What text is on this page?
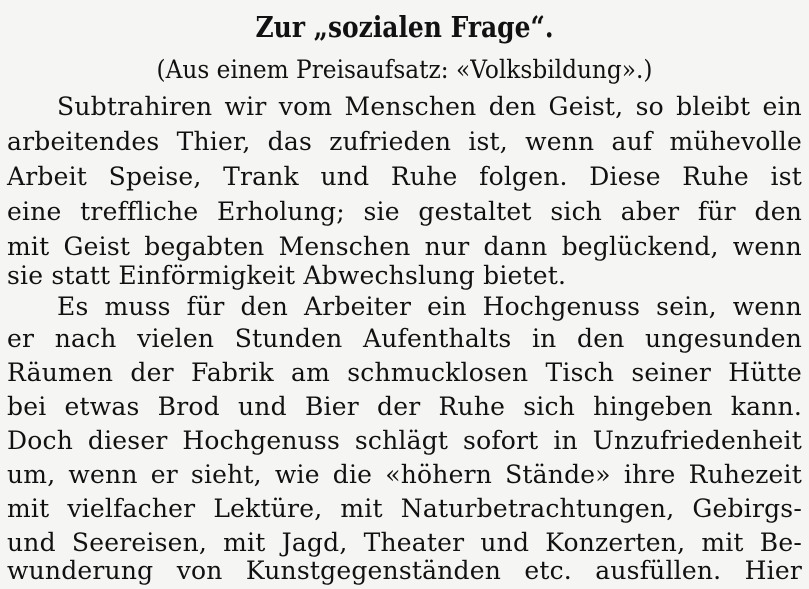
Zur „sozialen Frage“.
(Aus einem Preisaufsatz: «Volksbildung».)
Subtrahiren wir vom Menschen den Geist, so bleibt ein
arbeitendes Thier, das zufrieden ist, wenn auf mühevolle
Arbeit Speise, Trank und Ruhe folgen. Diese Ruhe ist
eine treffliche Erholung; sie gestaltet sich aber für den
mit Geist begabten Menschen nur dann beglückend, wenn
sie statt Einförmigkeit Abwechslung bietet.
Es muss für den Arbeiter ein Hochgenuss sein, wenn
er nach vielen Stunden Aufenthalts in den ungesunden
Räumen der Fabrik am schmucklosen Tisch seiner Hütte
bei etwas Brod und Bier der Ruhe sich hingeben kann.
Doch dieser Hochgenuss schlägt sofort in Unzufriedenheit
um, wenn er sieht, wie die «höhern Stände» ihre Ruhezeit
mit vielfacher Lektüre, mit Naturbetrachtungen, Gebirgs-
und Seereisen, mit Jagd, Theater und Konzerten, mit Be-
wunderung von Kunstgegenständen etc. ausfüllen. Hier
